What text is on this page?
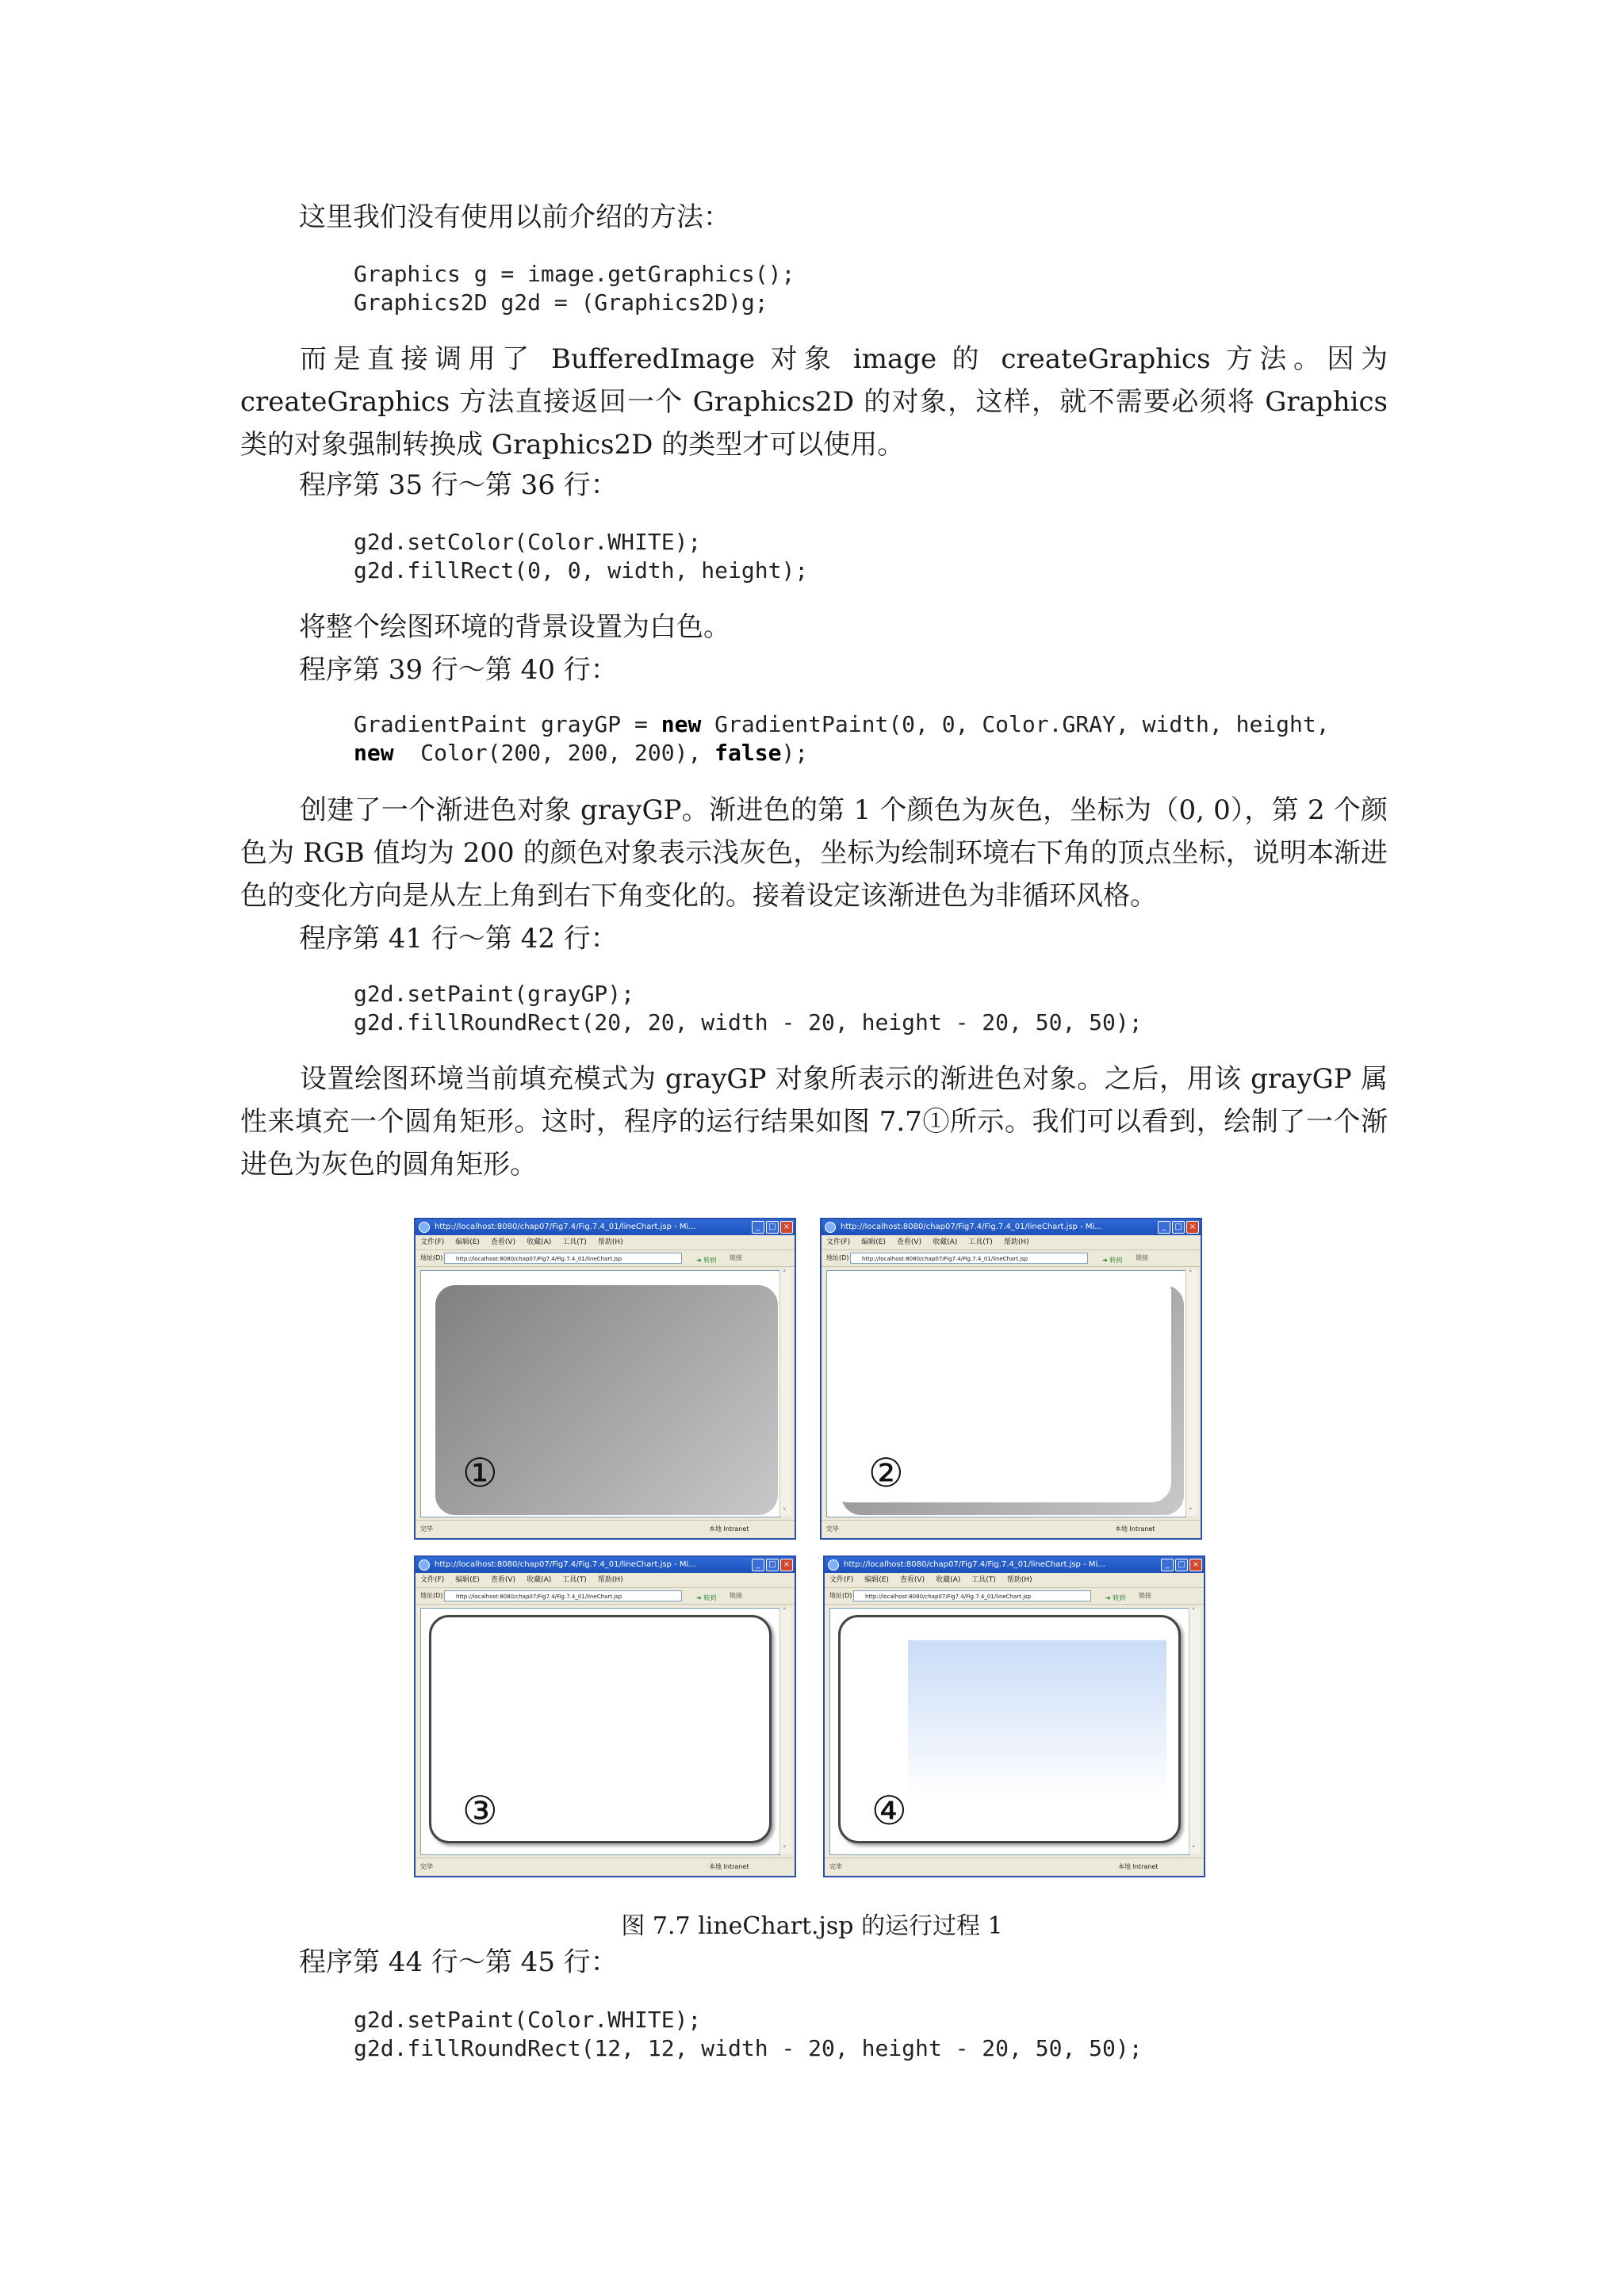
这里我们没有使用以前介绍的方法：

Graphics g = image.getGraphics();
Graphics2D g2d = (Graphics2D)g;

而是直接调用了 BufferedImage 对象 image 的 createGraphics 方法。因为 createGraphics 方法直接返回一个 Graphics2D 的对象，这样，就不需要必须将 Graphics 类的对象强制转换成 Graphics2D 的类型才可以使用。

程序第 35 行～第 36 行：

g2d.setColor(Color.WHITE);
g2d.fillRect(0, 0, width, height);

将整个绘图环境的背景设置为白色。

程序第 39 行～第 40 行：

GradientPaint grayGP = new GradientPaint(0, 0, Color.GRAY, width, height,
new  Color(200, 200, 200), false);

创建了一个渐进色对象 grayGP。渐进色的第 1 个颜色为灰色，坐标为（0, 0），第 2 个颜色为 RGB 值均为 200 的颜色对象表示浅灰色，坐标为绘制环境右下角的顶点坐标，说明本渐进色的变化方向是从左上角到右下角变化的。接着设定该渐进色为非循环风格。

程序第 41 行～第 42 行：

g2d.setPaint(grayGP);
g2d.fillRoundRect(20, 20, width - 20, height - 20, 50, 50);

设置绘图环境当前填充模式为 grayGP 对象所表示的渐进色对象。之后，用该 grayGP 属性来填充一个圆角矩形。这时，程序的运行结果如图 7.7①所示。我们可以看到，绘制了一个渐进色为灰色的圆角矩形。

http://localhost:8080/chap07/Fig7.4/Fig.7.4_01/lineChart.jsp - Mi...	_	□ ×
文件(F) 编辑(E) 查看(V) 收藏(A) 工具(T) 帮助(H)
地址(D)	http://localhost:8080/chap07/Fig7.4/Fig.7.4_01/lineChart.jsp	➜ 转到 链接
①
˄ ˅
完毕	本地 Intranet
http://localhost:8080/chap07/Fig7.4/Fig.7.4_01/lineChart.jsp - Mi...	_	□ ×
文件(F) 编辑(E) 查看(V) 收藏(A) 工具(T) 帮助(H)
地址(D)	http://localhost:8080/chap07/Fig7.4/Fig.7.4_01/lineChart.jsp	➜ 转到 链接
②
˄ ˅
完毕	本地 Intranet
http://localhost:8080/chap07/Fig7.4/Fig.7.4_01/lineChart.jsp - Mi...	_	□ ×
文件(F) 编辑(E) 查看(V) 收藏(A) 工具(T) 帮助(H)
地址(D)	http://localhost:8080/chap07/Fig7.4/Fig.7.4_01/lineChart.jsp	➜ 转到 链接
③
˄ ˅
完毕	本地 Intranet
http://localhost:8080/chap07/Fig7.4/Fig.7.4_01/lineChart.jsp - Mi...	_	□ ×
文件(F) 编辑(E) 查看(V) 收藏(A) 工具(T) 帮助(H)
地址(D)	http://localhost:8080/chap07/Fig7.4/Fig.7.4_01/lineChart.jsp	➜ 转到 链接
④
˄ ˅
完毕	本地 Intranet
图 7.7 lineChart.jsp 的运行过程 1

程序第 44 行～第 45 行：

g2d.setPaint(Color.WHITE);
g2d.fillRoundRect(12, 12, width - 20, height - 20, 50, 50);
